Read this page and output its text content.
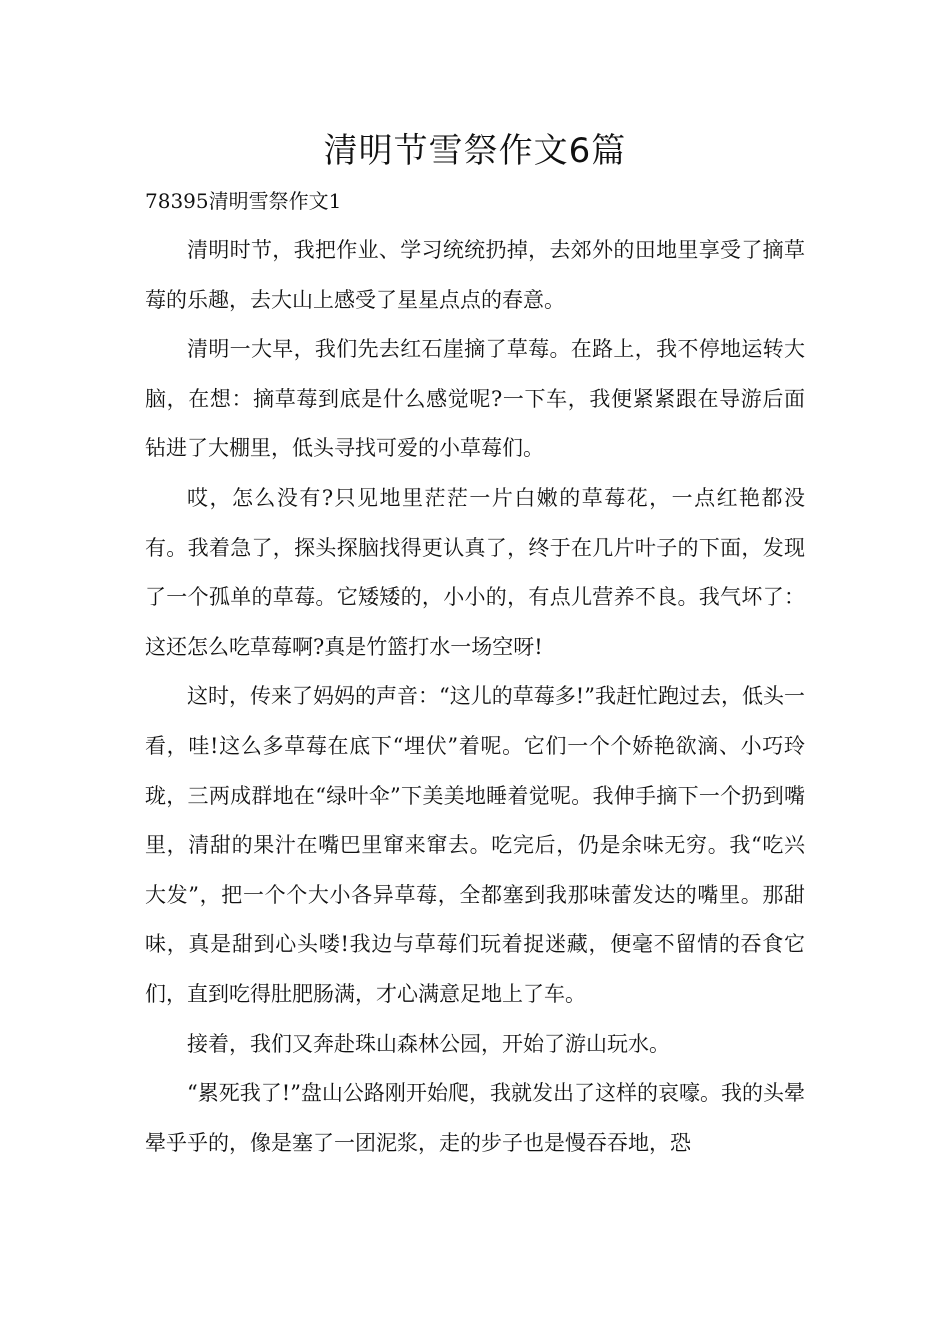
清明节雪祭作文6篇
78395清明雪祭作文1

清明时节，我把作业、学习统统扔掉，去郊外的田地里享受了摘草莓的乐趣，去大山上感受了星星点点的春意。

清明一大早，我们先去红石崖摘了草莓。在路上，我不停地运转大脑，在想：摘草莓到底是什么感觉呢?一下车，我便紧紧跟在导游后面钻进了大棚里，低头寻找可爱的小草莓们。

哎，怎么没有?只见地里茫茫一片白嫩的草莓花，一点红艳都没有。我着急了，探头探脑找得更认真了，终于在几片叶子的下面，发现了一个孤单的草莓。它矮矮的，小小的，有点儿营养不良。我气坏了：这还怎么吃草莓啊?真是竹篮打水一场空呀!

这时，传来了妈妈的声音：“这儿的草莓多!”我赶忙跑过去，低头一看，哇!这么多草莓在底下“埋伏”着呢。它们一个个娇艳欲滴、小巧玲珑，三两成群地在“绿叶伞”下美美地睡着觉呢。我伸手摘下一个扔到嘴里，清甜的果汁在嘴巴里窜来窜去。吃完后，仍是余味无穷。我“吃兴大发”，把一个个大小各异草莓，全都塞到我那味蕾发达的嘴里。那甜味，真是甜到心头喽!我边与草莓们玩着捉迷藏，便毫不留情的吞食它们，直到吃得肚肥肠满，才心满意足地上了车。

接着，我们又奔赴珠山森林公园，开始了游山玩水。

“累死我了!”盘山公路刚开始爬，我就发出了这样的哀嚎。我的头晕晕乎乎的，像是塞了一团泥浆，走的步子也是慢吞吞地，恐
